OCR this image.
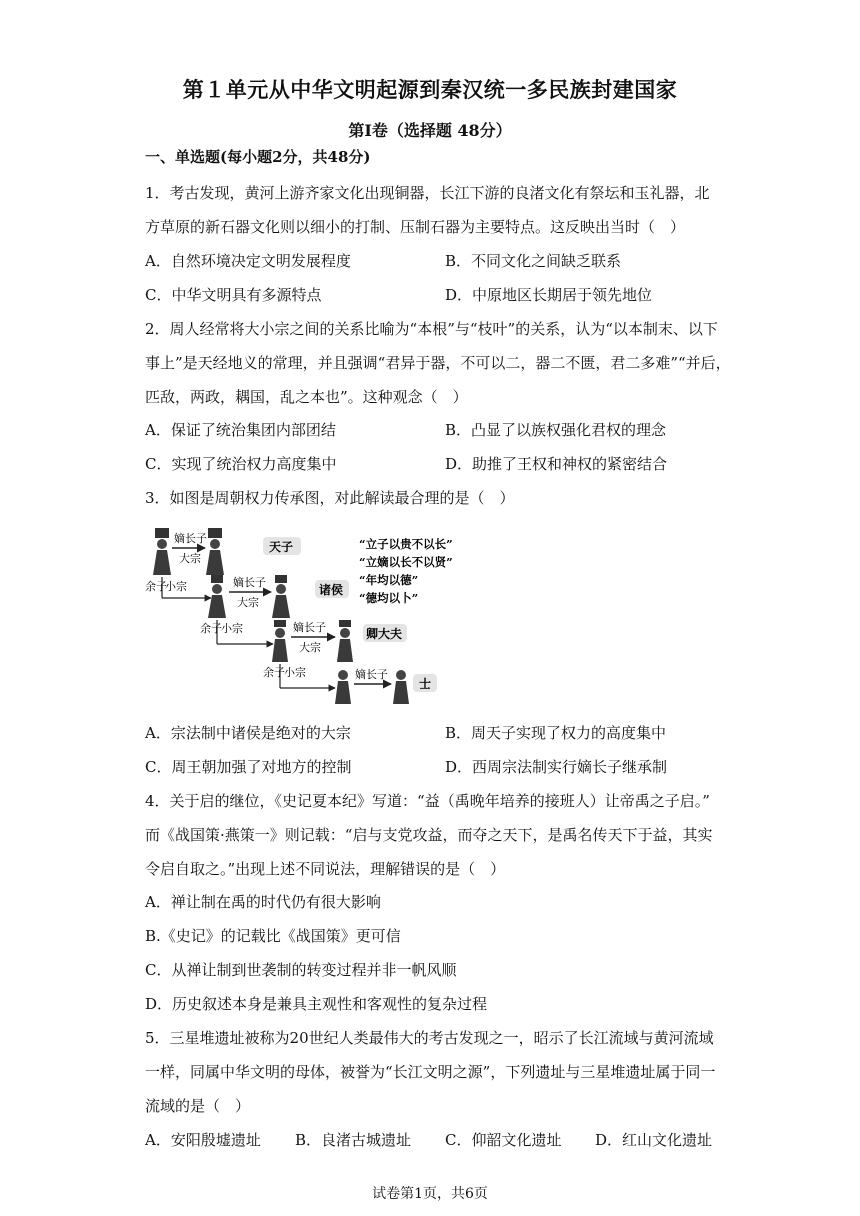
第１单元从中华文明起源到秦汉统一多民族封建国家
第Ⅰ卷（选择题 48分）
一、单选题(每小题2分，共48分)
1．考古发现，黄河上游齐家文化出现铜器，长江下游的良渚文化有祭坛和玉礼器，北
方草原的新石器文化则以细小的打制、压制石器为主要特点。这反映出当时（　）
A．自然环境决定文明发展程度	B．不同文化之间缺乏联系
C．中华文明具有多源特点	D．中原地区长期居于领先地位
2．周人经常将大小宗之间的关系比喻为“本根”与“枝叶”的关系，认为“以本制末、以下
事上”是天经地义的常理，并且强调“君异于器，不可以二，器二不匮，君二多难”“并后，
匹敌，两政，耦国，乱之本也”。这种观念（　）
A．保证了统治集团内部团结	B．凸显了以族权强化君权的理念
C．实现了统治权力高度集中	D．助推了王权和神权的紧密结合
3．如图是周朝权力传承图，对此解读最合理的是（　）
嫡长子
大宗
天子
余子
小宗	嫡长子
大宗
诸侯
余子 小宗	嫡长子
大宗
卿大夫
余子 小宗	嫡长子
士
“立子以贵不以长”
“立嫡以长不以贤”
“年均以德”
“德均以卜”
A．宗法制中诸侯是绝对的大宗	B．周天子实现了权力的高度集中
C．周王朝加强了对地方的控制	D．西周宗法制实行嫡长子继承制
4．关于启的继位，《史记夏本纪》写道：“益（禹晚年培养的接班人）让帝禹之子启。”
而《战国策·燕策一》则记载：“启与支党攻益，而夺之天下，是禹名传天下于益，其实
令启自取之。”出现上述不同说法，理解错误的是（　）
A．禅让制在禹的时代仍有很大影响
B.《史记》的记载比《战国策》更可信
C．从禅让制到世袭制的转变过程并非一帆风顺
D．历史叙述本身是兼具主观性和客观性的复杂过程
5．三星堆遗址被称为20世纪人类最伟大的考古发现之一，昭示了长江流域与黄河流域
一样，同属中华文明的母体，被誉为“长江文明之源”，下列遗址与三星堆遗址属于同一
流域的是（　）
A．安阳殷墟遗址 B．良渚古城遗址 C．仰韶文化遗址 D．红山文化遗址
试卷第1页，共6页
